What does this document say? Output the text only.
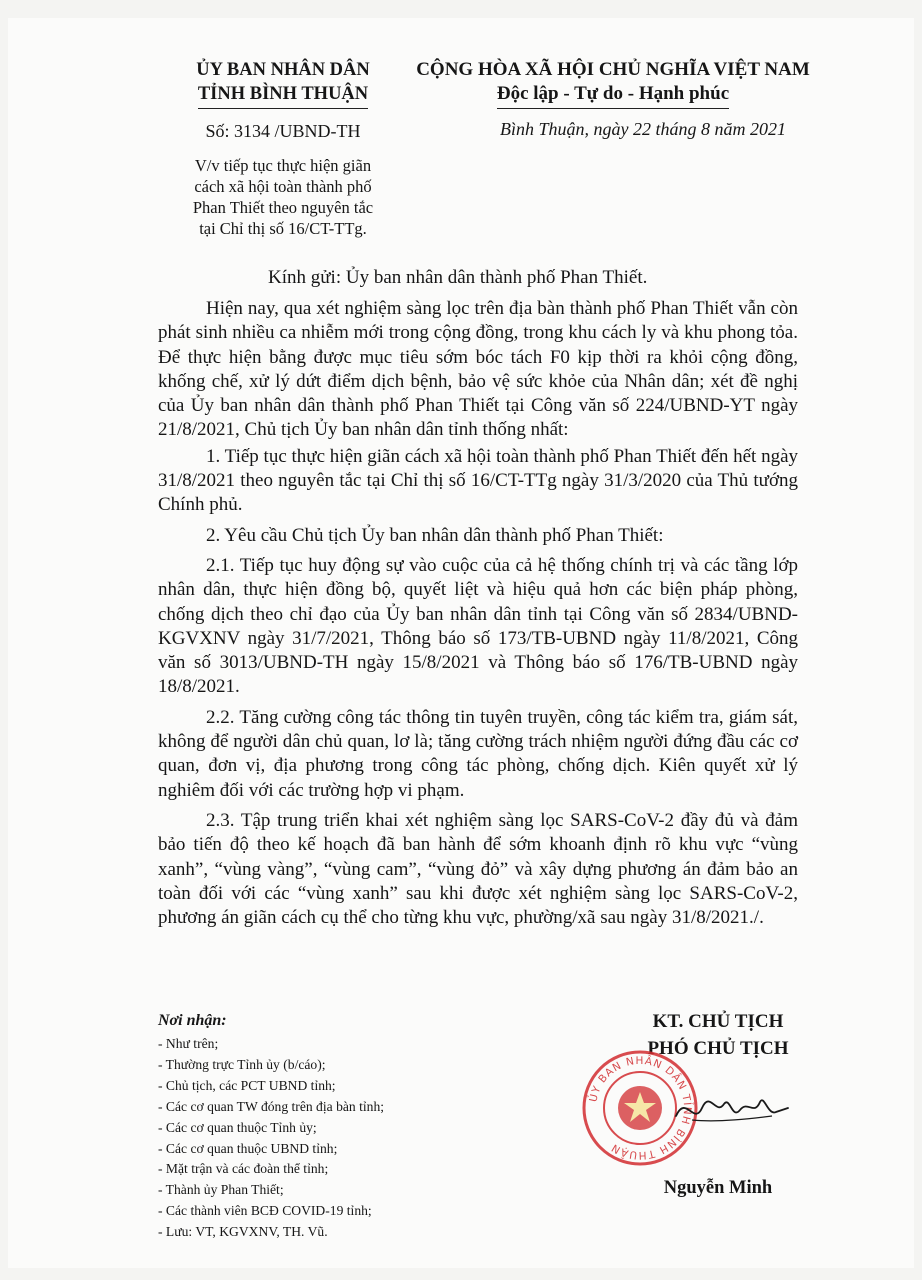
ỦY BAN NHÂN DÂN
TỈNH BÌNH THUẬN
CỘNG HÒA XÃ HỘI CHỦ NGHĨA VIỆT NAM
Độc lập - Tự do - Hạnh phúc
Số: 3134 /UBND-TH	Bình Thuận, ngày 22 tháng 8 năm 2021
V/v tiếp tục thực hiện giãn
cách xã hội toàn thành phố
Phan Thiết theo nguyên tắc
tại Chỉ thị số 16/CT-TTg.
Kính gửi: Ủy ban nhân dân thành phố Phan Thiết.

Hiện nay, qua xét nghiệm sàng lọc trên địa bàn thành phố Phan Thiết vẫn còn phát sinh nhiều ca nhiễm mới trong cộng đồng, trong khu cách ly và khu phong tỏa. Để thực hiện bằng được mục tiêu sớm bóc tách F0 kịp thời ra khỏi cộng đồng, khống chế, xử lý dứt điểm dịch bệnh, bảo vệ sức khỏe của Nhân dân; xét đề nghị của Ủy ban nhân dân thành phố Phan Thiết tại Công văn số 224/UBND-YT ngày 21/8/2021, Chủ tịch Ủy ban nhân dân tỉnh thống nhất:

1. Tiếp tục thực hiện giãn cách xã hội toàn thành phố Phan Thiết đến hết ngày 31/8/2021 theo nguyên tắc tại Chỉ thị số 16/CT-TTg ngày 31/3/2020 của Thủ tướng Chính phủ.

2. Yêu cầu Chủ tịch Ủy ban nhân dân thành phố Phan Thiết:

2.1. Tiếp tục huy động sự vào cuộc của cả hệ thống chính trị và các tầng lớp nhân dân, thực hiện đồng bộ, quyết liệt và hiệu quả hơn các biện pháp phòng, chống dịch theo chỉ đạo của Ủy ban nhân dân tỉnh tại Công văn số 2834/UBND-KGVXNV ngày 31/7/2021, Thông báo số 173/TB-UBND ngày 11/8/2021, Công văn số 3013/UBND-TH ngày 15/8/2021 và Thông báo số 176/TB-UBND ngày 18/8/2021.

2.2. Tăng cường công tác thông tin tuyên truyền, công tác kiểm tra, giám sát, không để người dân chủ quan, lơ là; tăng cường trách nhiệm người đứng đầu các cơ quan, đơn vị, địa phương trong công tác phòng, chống dịch. Kiên quyết xử lý nghiêm đối với các trường hợp vi phạm.

2.3. Tập trung triển khai xét nghiệm sàng lọc SARS-CoV-2 đầy đủ và đảm bảo tiến độ theo kế hoạch đã ban hành để sớm khoanh định rõ khu vực “vùng xanh”, “vùng vàng”, “vùng cam”, “vùng đỏ” và xây dựng phương án đảm bảo an toàn đối với các “vùng xanh” sau khi được xét nghiệm sàng lọc SARS-CoV-2, phương án giãn cách cụ thể cho từng khu vực, phường/xã sau ngày 31/8/2021./.

Nơi nhận:
- Như trên;
- Thường trực Tỉnh ủy (b/cáo);
- Chủ tịch, các PCT UBND tỉnh;
- Các cơ quan TW đóng trên địa bàn tỉnh;
- Các cơ quan thuộc Tỉnh ủy;
- Các cơ quan thuộc UBND tỉnh;
- Mặt trận và các đoàn thể tỉnh;
- Thành ủy Phan Thiết;
- Các thành viên BCĐ COVID-19 tỉnh;
- Lưu: VT, KGVXNV, TH. Vũ.
KT. CHỦ TỊCH
PHÓ CHỦ TỊCH
ỦY BAN NHÂN DÂN TỈNH BÌNH THUẬN
Nguyễn Minh
